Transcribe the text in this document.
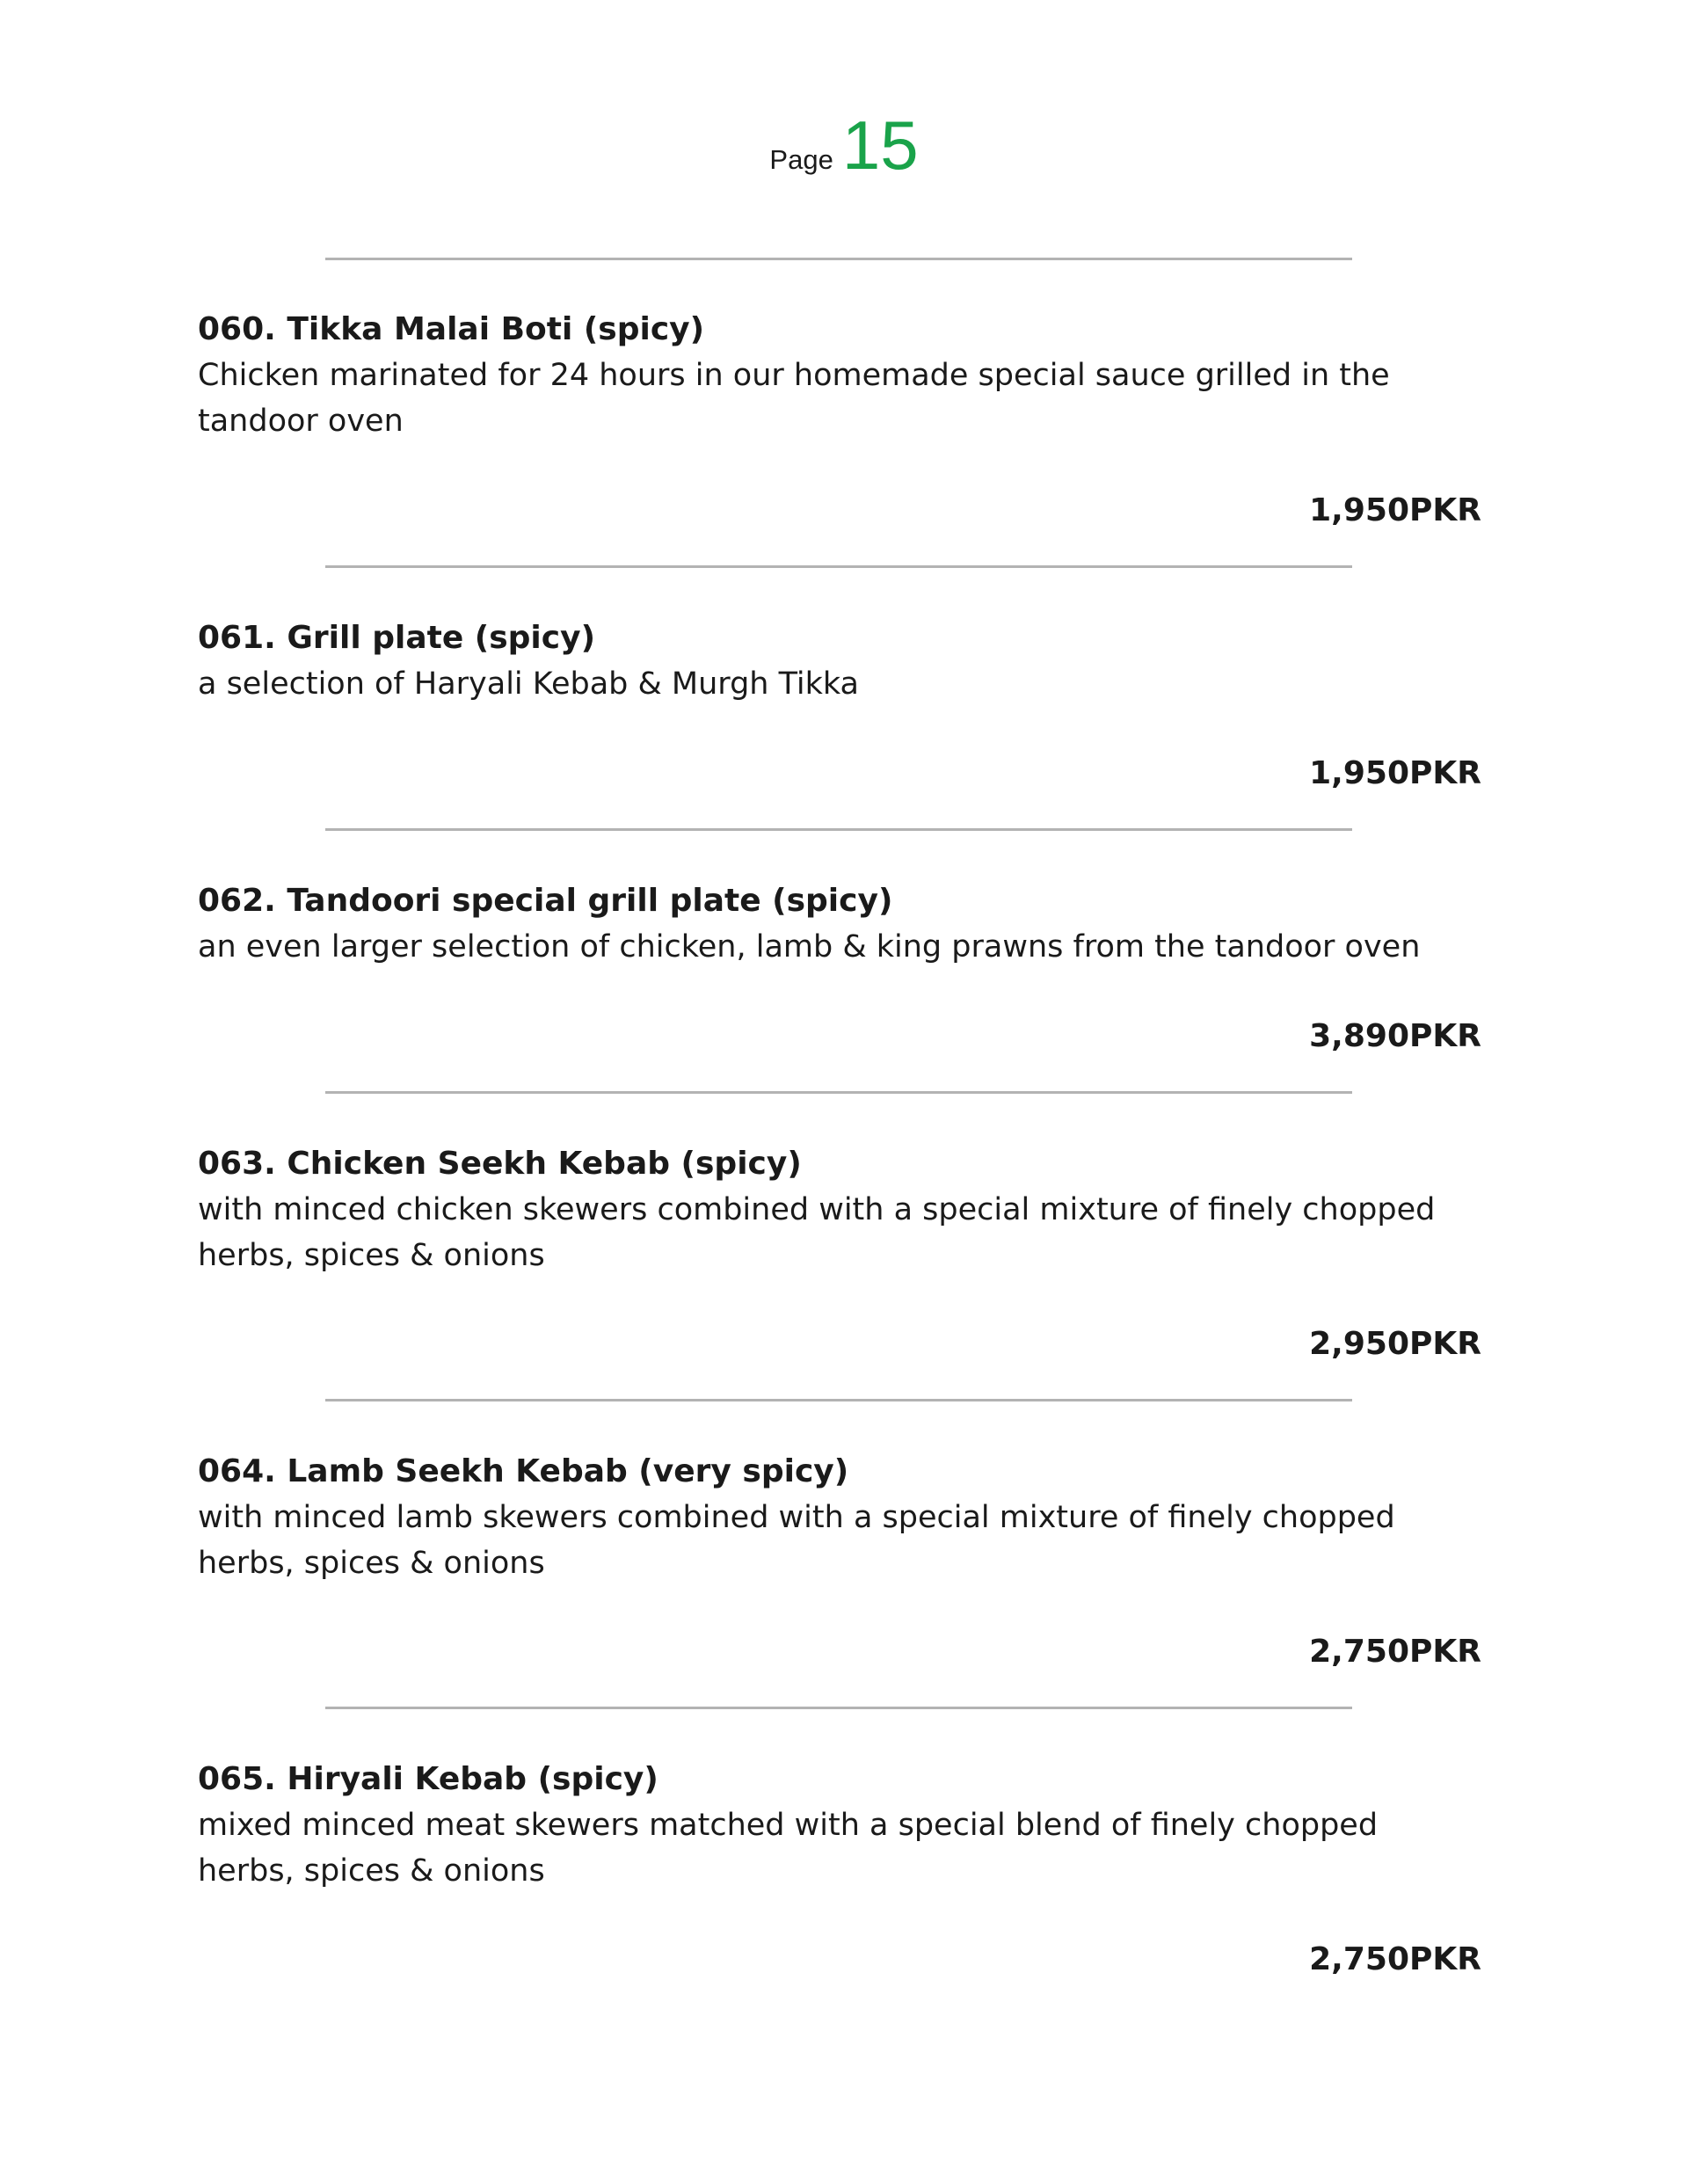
Page 15
060. Tikka Malai Boti (spicy)
Chicken marinated for 24 hours in our homemade special sauce grilled in the tandoor oven
1,950PKR
061. Grill plate (spicy)
a selection of Haryali Kebab & Murgh Tikka
1,950PKR
062. Tandoori special grill plate (spicy)
an even larger selection of chicken, lamb & king prawns from the tandoor oven
3,890PKR
063. Chicken Seekh Kebab (spicy)
with minced chicken skewers combined with a special mixture of finely chopped herbs, spices & onions
2,950PKR
064. Lamb Seekh Kebab (very spicy)
with minced lamb skewers combined with a special mixture of finely chopped herbs, spices & onions
2,750PKR
065. Hiryali Kebab (spicy)
mixed minced meat skewers matched with a special blend of finely chopped herbs, spices & onions
2,750PKR
